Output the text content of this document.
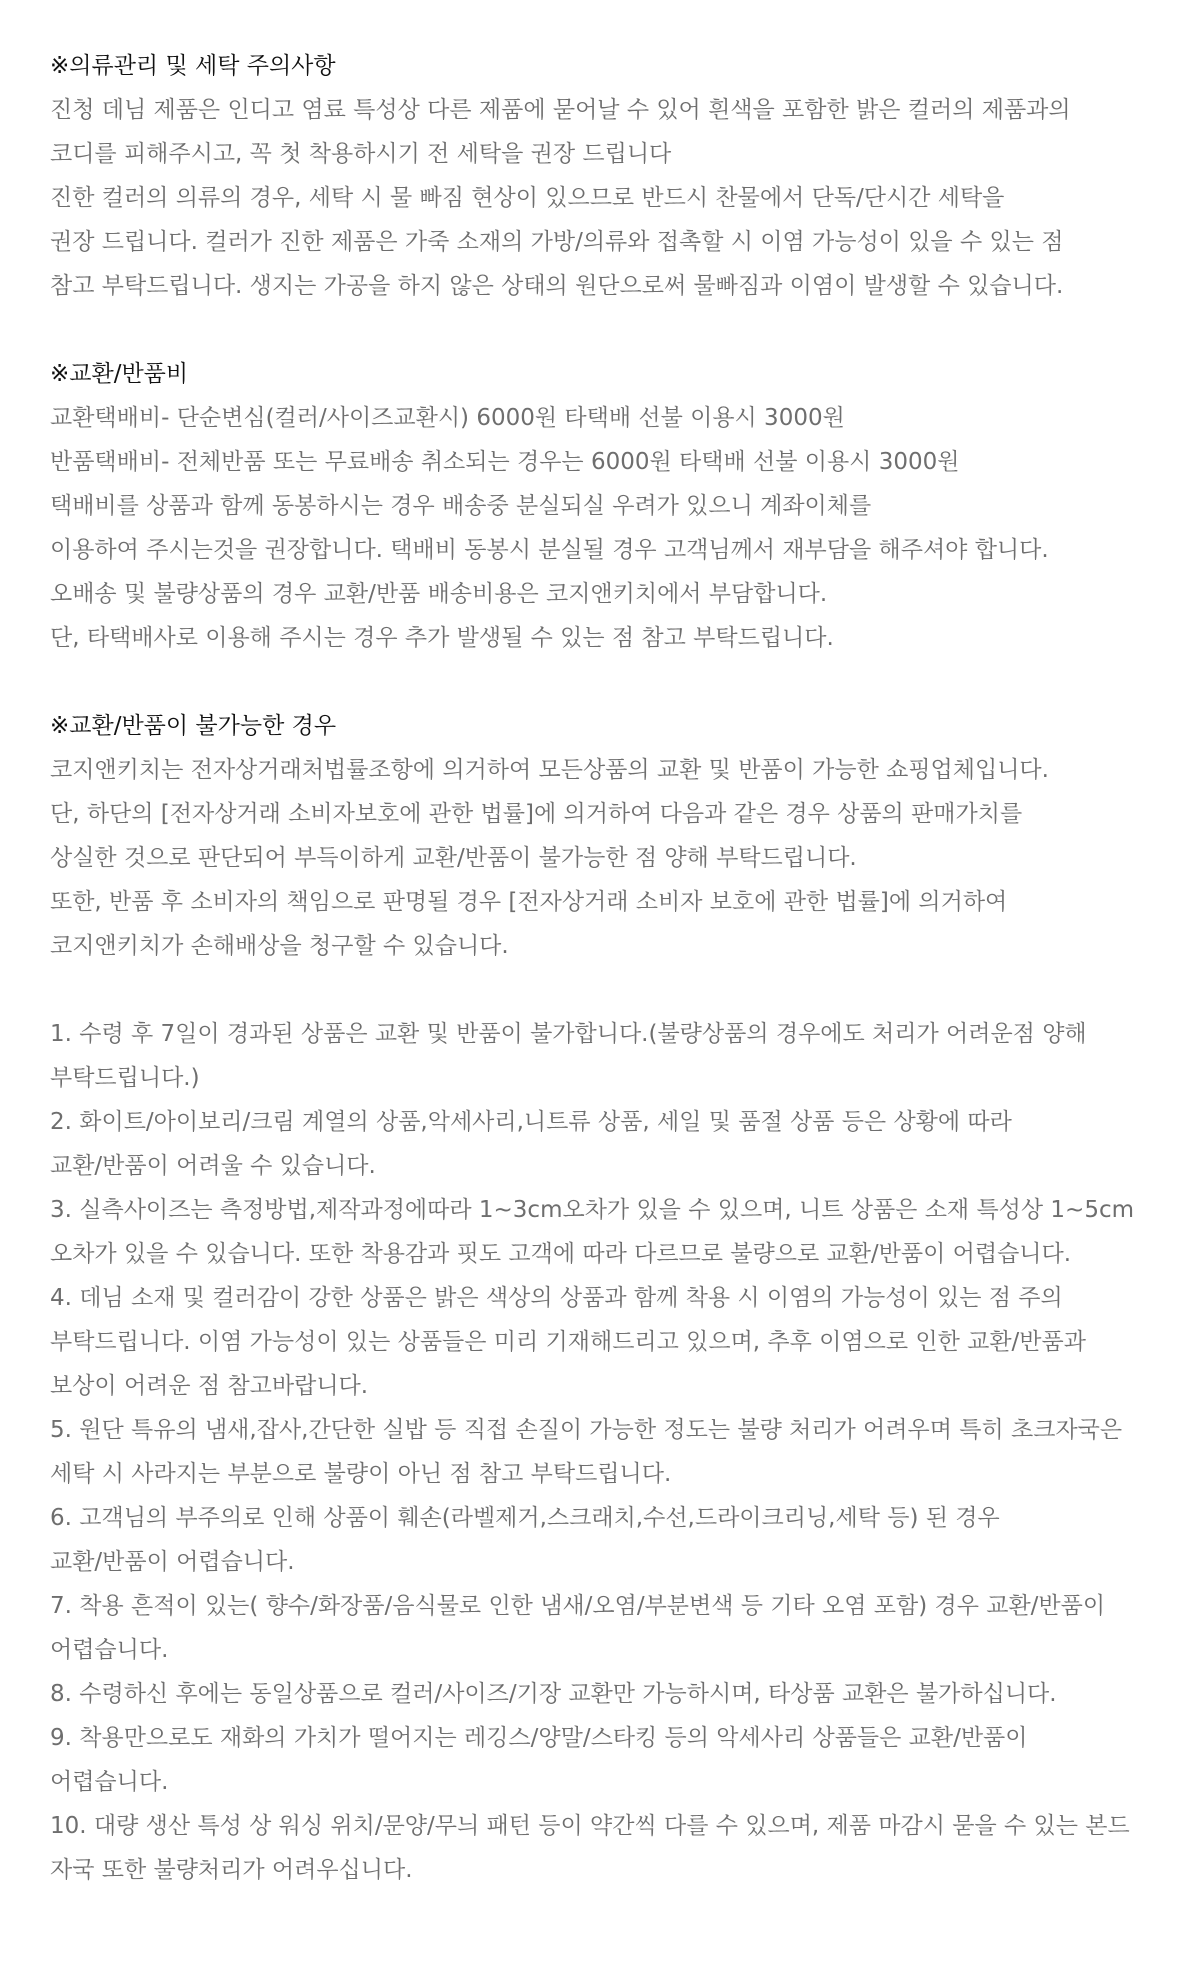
※의류관리 및 세탁 주의사항

진청 데님 제품은 인디고 염료 특성상 다른 제품에 묻어날 수 있어 흰색을 포함한 밝은 컬러의 제품과의

코디를 피해주시고, 꼭 첫 착용하시기 전 세탁을 권장 드립니다

진한 컬러의 의류의 경우, 세탁 시 물 빠짐 현상이 있으므로 반드시 찬물에서 단독/단시간 세탁을

권장 드립니다. 컬러가 진한 제품은 가죽 소재의 가방/의류와 접촉할 시 이염 가능성이 있을 수 있는 점

참고 부탁드립니다. 생지는 가공을 하지 않은 상태의 원단으로써 물빠짐과 이염이 발생할 수 있습니다.

※교환/반품비

교환택배비- 단순변심(컬러/사이즈교환시) 6000원 타택배 선불 이용시 3000원

반품택배비- 전체반품 또는 무료배송 취소되는 경우는 6000원 타택배 선불 이용시 3000원

택배비를 상품과 함께 동봉하시는 경우 배송중 분실되실 우려가 있으니 계좌이체를

이용하여 주시는것을 권장합니다. 택배비 동봉시 분실될 경우 고객님께서 재부담을 해주셔야 합니다.

오배송 및 불량상품의 경우 교환/반품 배송비용은 코지앤키치에서 부담합니다.

단, 타택배사로 이용해 주시는 경우 추가 발생될 수 있는 점 참고 부탁드립니다.

※교환/반품이 불가능한 경우

코지앤키치는 전자상거래처법률조항에 의거하여 모든상품의 교환 및 반품이 가능한 쇼핑업체입니다.

단, 하단의 [전자상거래 소비자보호에 관한 법률]에 의거하여 다음과 같은 경우 상품의 판매가치를

상실한 것으로 판단되어 부득이하게 교환/반품이 불가능한 점 양해 부탁드립니다.

또한, 반품 후 소비자의 책임으로 판명될 경우 [전자상거래 소비자 보호에 관한 법률]에 의거하여

코지앤키치가 손해배상을 청구할 수 있습니다.

1. 수령 후 7일이 경과된 상품은 교환 및 반품이 불가합니다.(불량상품의 경우에도 처리가 어려운점 양해

부탁드립니다.)

2. 화이트/아이보리/크림 계열의 상품,악세사리,니트류 상품, 세일 및 품절 상품 등은 상황에 따라

교환/반품이 어려울 수 있습니다.

3. 실측사이즈는 측정방법,제작과정에따라 1~3cm오차가 있을 수 있으며, 니트 상품은 소재 특성상 1~5cm

오차가 있을 수 있습니다. 또한 착용감과 핏도 고객에 따라 다르므로 불량으로 교환/반품이 어렵습니다.

4. 데님 소재 및 컬러감이 강한 상품은 밝은 색상의 상품과 함께 착용 시 이염의 가능성이 있는 점 주의

부탁드립니다. 이염 가능성이 있는 상품들은 미리 기재해드리고 있으며, 추후 이염으로 인한 교환/반품과

보상이 어려운 점 참고바랍니다.

5. 원단 특유의 냄새,잡사,간단한 실밥 등 직접 손질이 가능한 정도는 불량 처리가 어려우며 특히 초크자국은

세탁 시 사라지는 부분으로 불량이 아닌 점 참고 부탁드립니다.

6. 고객님의 부주의로 인해 상품이 훼손(라벨제거,스크래치,수선,드라이크리닝,세탁 등) 된 경우

교환/반품이 어렵습니다.

7. 착용 흔적이 있는( 향수/화장품/음식물로 인한 냄새/오염/부분변색 등 기타 오염 포함) 경우 교환/반품이

어렵습니다.

8. 수령하신 후에는 동일상품으로 컬러/사이즈/기장 교환만 가능하시며, 타상품 교환은 불가하십니다.

9. 착용만으로도 재화의 가치가 떨어지는 레깅스/양말/스타킹 등의 악세사리 상품들은 교환/반품이

어렵습니다.

10. 대량 생산 특성 상 워싱 위치/문양/무늬 패턴 등이 약간씩 다를 수 있으며, 제품 마감시 묻을 수 있는 본드

자국 또한 불량처리가 어려우십니다.
